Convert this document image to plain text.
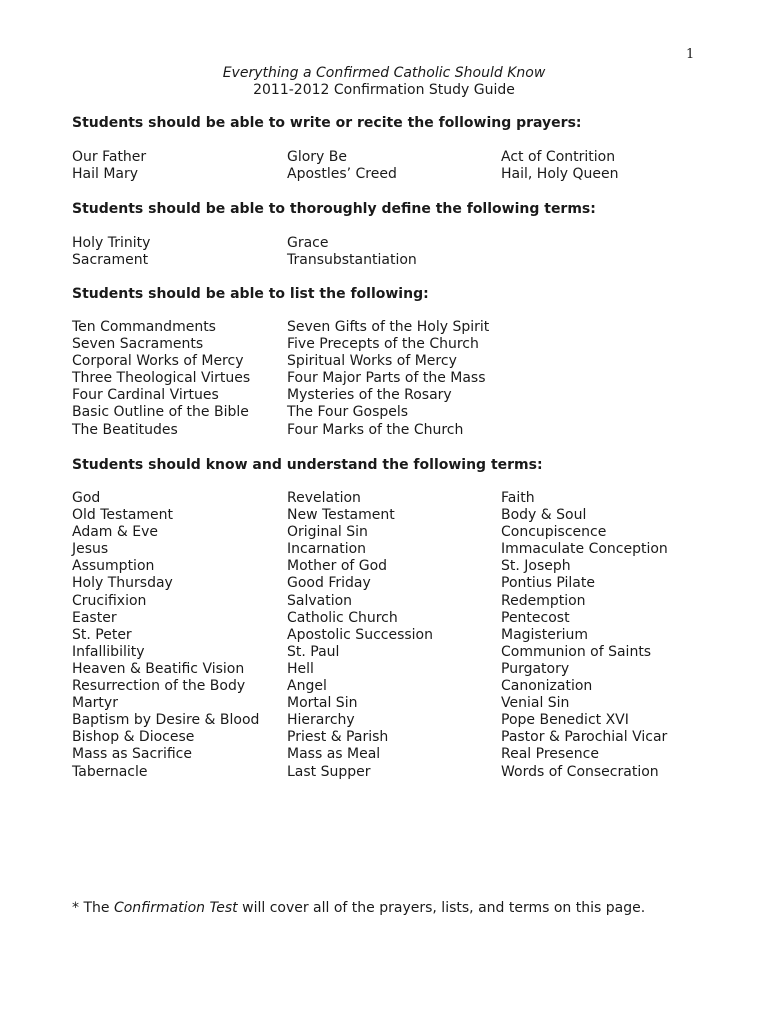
1
Everything a Confirmed Catholic Should Know
2011-2012 Confirmation Study Guide
Students should be able to write or recite the following prayers:
Our Father	Glory Be	Act of Contrition
Hail Mary	Apostles’ Creed	Hail, Holy Queen
Students should be able to thoroughly define the following terms:
Holy Trinity	Grace
Sacrament	Transubstantiation
Students should be able to list the following:
Ten Commandments	Seven Gifts of the Holy Spirit
Seven Sacraments	Five Precepts of the Church
Corporal Works of Mercy	Spiritual Works of Mercy
Three Theological Virtues	Four Major Parts of the Mass
Four Cardinal Virtues	Mysteries of the Rosary
Basic Outline of the Bible	The Four Gospels
The Beatitudes	Four Marks of the Church
Students should know and understand the following terms:
God	Revelation	Faith
Old Testament	New Testament	Body & Soul
Adam & Eve	Original Sin	Concupiscence
Jesus	Incarnation	Immaculate Conception
Assumption	Mother of God	St. Joseph
Holy Thursday	Good Friday	Pontius Pilate
Crucifixion	Salvation	Redemption
Easter	Catholic Church	Pentecost
St. Peter	Apostolic Succession	Magisterium
Infallibility	St. Paul	Communion of Saints
Heaven & Beatific Vision	Hell	Purgatory
Resurrection of the Body	Angel	Canonization
Martyr	Mortal Sin	Venial Sin
Baptism by Desire & Blood	Hierarchy	Pope Benedict XVI
Bishop & Diocese	Priest & Parish	Pastor & Parochial Vicar
Mass as Sacrifice	Mass as Meal	Real Presence
Tabernacle	Last Supper	Words of Consecration
* The Confirmation Test will cover all of the prayers, lists, and terms on this page.
